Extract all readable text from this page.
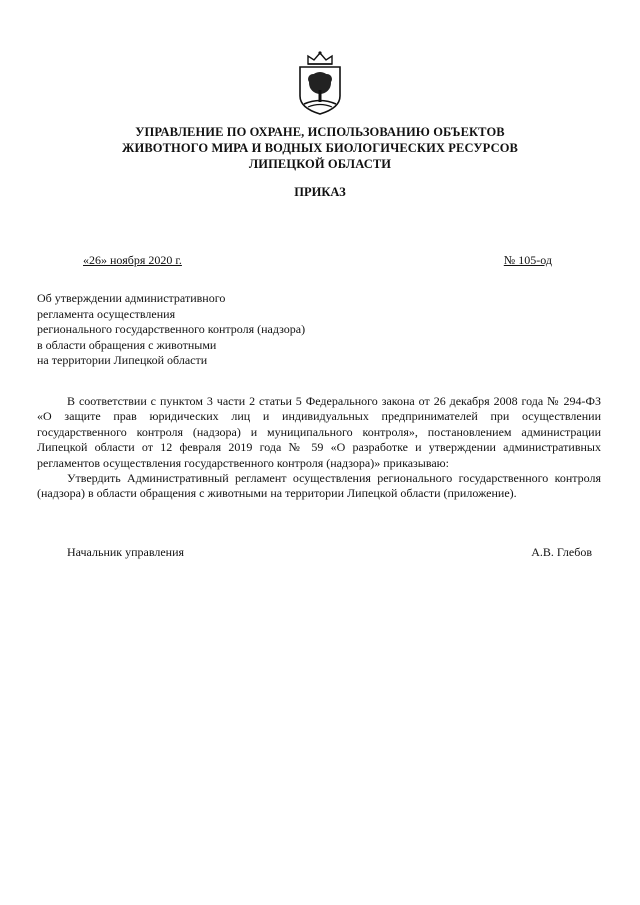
УПРАВЛЕНИЕ ПО ОХРАНЕ, ИСПОЛЬЗОВАНИЮ ОБЪЕКТОВ
ЖИВОТНОГО МИРА И ВОДНЫХ БИОЛОГИЧЕСКИХ РЕСУРСОВ
ЛИПЕЦКОЙ ОБЛАСТИ
ПРИКАЗ
«26» ноября 2020 г.	№ 105-од
Об утверждении административного
регламента осуществления
регионального государственного контроля (надзора)
в области обращения с животными
на территории Липецкой области

В соответствии с пунктом 3 части 2 статьи 5 Федерального закона от 26 декабря 2008 года № 294-ФЗ «О защите прав юридических лиц и индивидуальных предпринимателей при осуществлении государственного контроля (надзора) и муниципального контроля», постановлением администрации Липецкой области от 12 февраля 2019 года № 59 «О разработке и утверждении административных регламентов осуществления государственного контроля (надзора)» приказываю:

Утвердить Административный регламент осуществления регионального государственного контроля (надзора) в области обращения с животными на территории Липецкой области (приложение).

Начальник управления	А.В. Глебов
